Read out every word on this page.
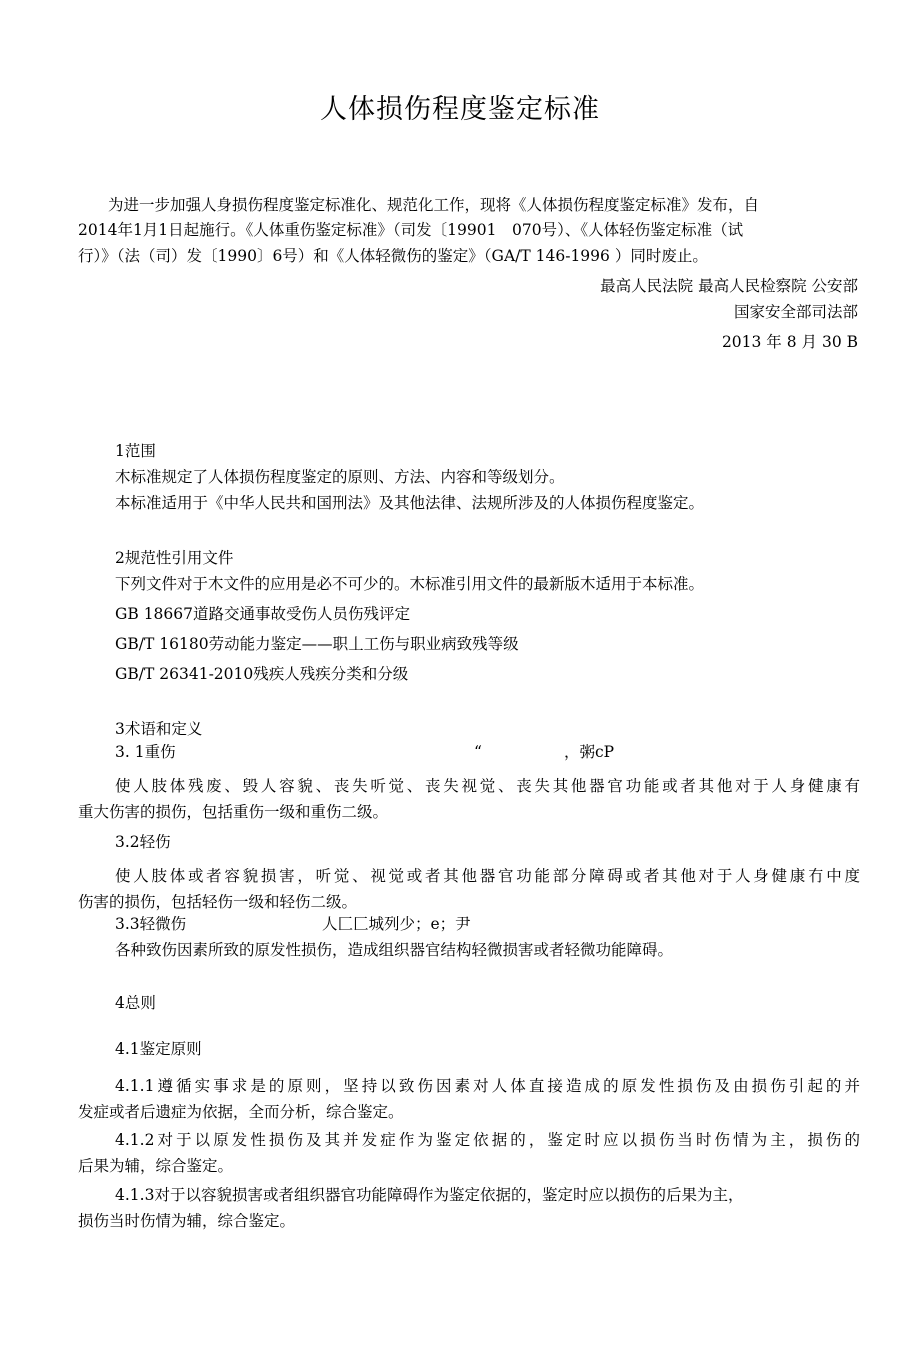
人体损伤程度鉴定标准
为进一步加强人身损伤程度鉴定标准化、规范化工作，现将《人体损伤程度鉴定标准》发布，自
2014年1月1日起施行。《人体重伤鉴定标准》（司发〔19901　070号）、《人体轻伤鉴定标准（试
行）》（法（司）发〔1990〕6号）和《人体轻微伤的鉴定》（GA/T 146-1996 ）同时废止。
最高人民法院 最高人民检察院 公安部
国家安全部司法部
2013 年 8 月 30 B
1范围
木标准规定了人体损伤程度鉴定的原则、方法、内容和等级划分。
本标准适用于《中华人民共和国刑法》及其他法律、法规所涉及的人体损伤程度鉴定。
2规范性引用文件
下列文件对于木文件的应用是必不可少的。木标准引用文件的最新版木适用于本标准。
GB 18667道路交通事故受伤人员伤残评定
GB/T 16180劳动能力鉴定——职丄工伤与职业病致残等级
GB/T 26341-2010残疾人残疾分类和分级
3术语和定义
3. 1重伤	“	，粥cP
使人肢体残废、毁人容貌、丧失听觉、丧失视觉、丧失其他器官功能或者其他对于人身健康有
重大伤害的损伤，包括重伤一级和重伤二级。
3.2轻伤
使人肢体或者容貌损害，听觉、视觉或者其他器官功能部分障碍或者其他对于人身健康冇中度
伤害的损伤，包括轻伤一级和轻伤二级。
3.3轻微伤	人匚匚城列少；e；尹
各种致伤因素所致的原发性损伤，造成组织器官结构轻微损害或者轻微功能障碍。
4总则
4.1鉴定原则
4.1.1遵循实事求是的原则，坚持以致伤因素对人体直接造成的原发性损伤及由损伤引起的并
发症或者后遗症为依据，全而分析，综合鉴定。
4.1.2对于以原发性损伤及其并发症作为鉴定依据的，鉴定时应以损伤当时伤情为主，损伤的
后果为辅，综合鉴定。
4.1.3对于以容貌损害或者组织器官功能障碍作为鉴定依据的，鉴定时应以损伤的后果为主，
损伤当时伤情为辅，综合鉴定。
